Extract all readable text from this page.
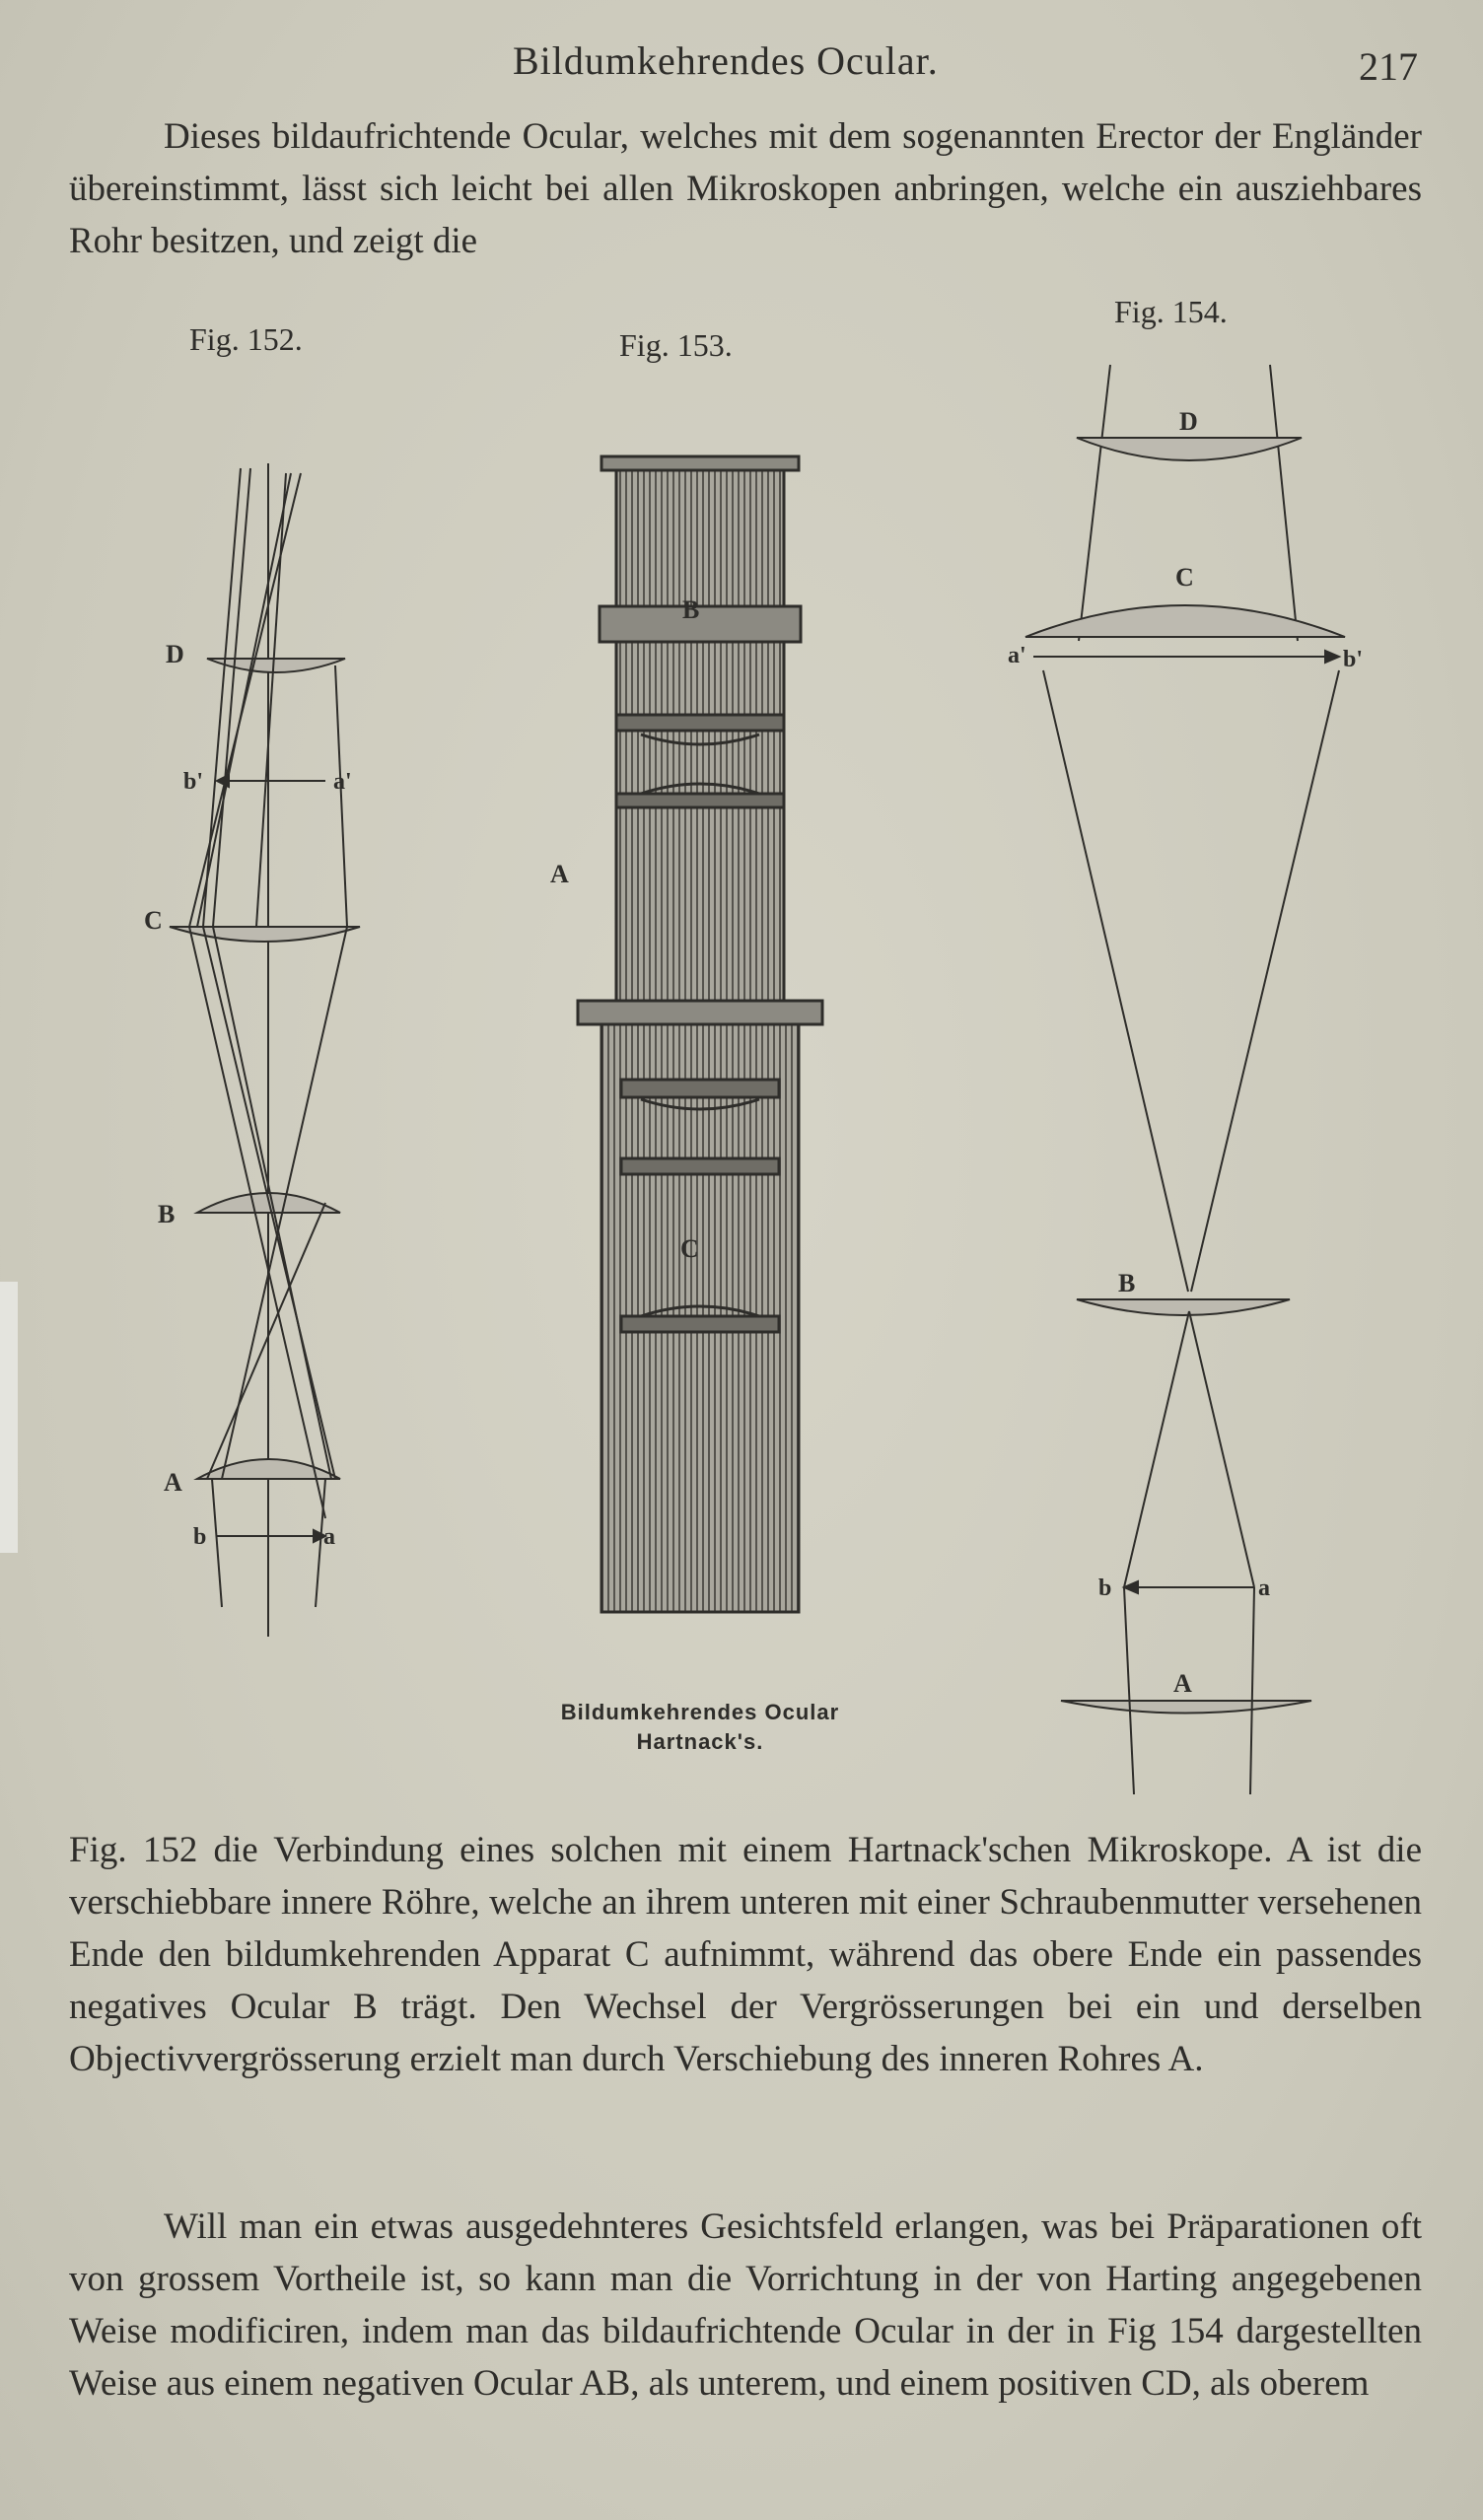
Bildumkehrendes Ocular.	217

Dieses bildaufrichtende Ocular, welches mit dem sogenannten Erector der Engländer übereinstimmt, lässt sich leicht bei allen Mikroskopen anbringen, welche ein ausziehbares Rohr besitzen, und zeigt die

Fig. 152.	Fig. 153.
Fig. 154.
D
C
B
A
b'	a'
b	a
B
A
C
Bildumkehrendes Ocular
Hartnack's.
D
C
B
A
a'	b'
b	a

Fig. 152 die Verbindung eines solchen mit einem Hartnack'schen Mikroskope. A ist die verschiebbare innere Röhre, welche an ihrem unteren mit einer Schraubenmutter versehenen Ende den bildumkehrenden Apparat C aufnimmt, während das obere Ende ein passendes negatives Ocular B trägt. Den Wechsel der Vergrösserungen bei ein und derselben Objectivvergrösserung erzielt man durch Verschiebung des inneren Rohres A.

Will man ein etwas ausgedehnteres Gesichtsfeld erlangen, was bei Präparationen oft von grossem Vortheile ist, so kann man die Vorrichtung in der von Harting angegebenen Weise modificiren, indem man das bildaufrichtende Ocular in der in Fig 154 dargestellten Weise aus einem negativen Ocular AB, als unterem, und einem positiven CD, als oberem
